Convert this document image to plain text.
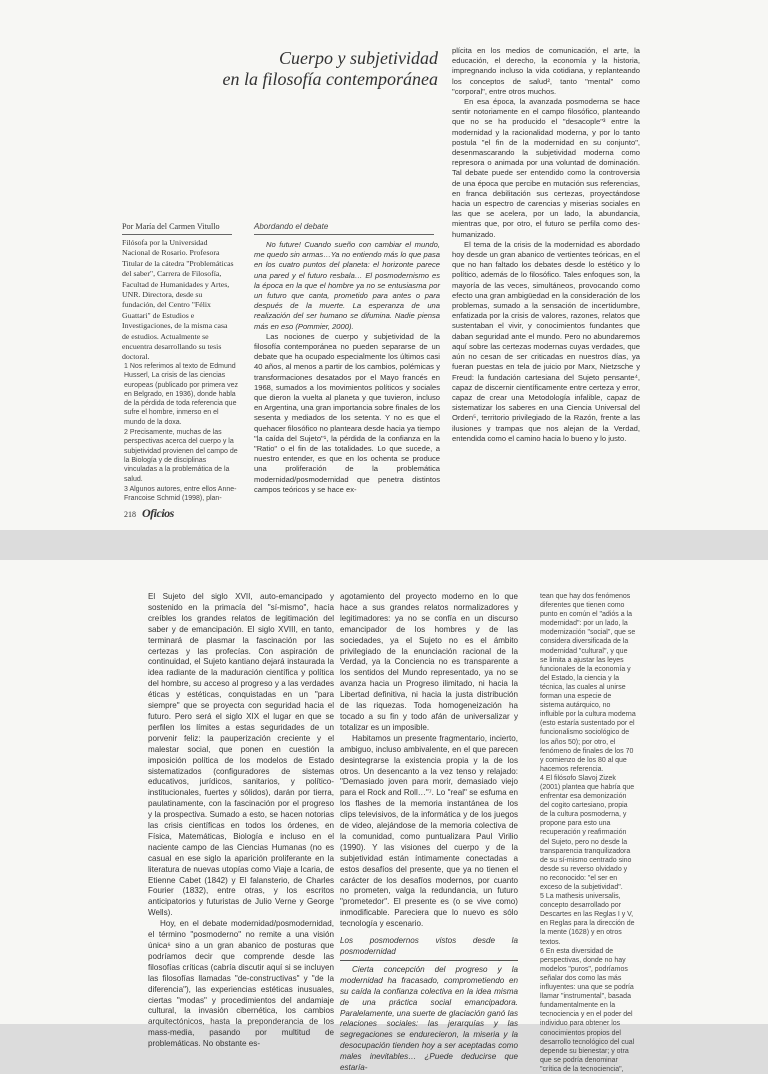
Cuerpo y subjetividad
en la filosofía contemporánea
Por María del Carmen Vitullo

Filósofa por la Universidad Nacional de Rosario. Profesora Titular de la cátedra "Problemáticas del saber", Carrera de Filosofía, Facultad de Humanidades y Artes, UNR. Directora, desde su fundación, del Centro "Félix Guattari" de Estudios e Investigaciones, de la misma casa de estudios. Actualmente se encuentra desarrollando su tesis doctoral.

1 Nos referimos al texto de Edmund Husserl, La crisis de las ciencias europeas (publicado por primera vez en Belgrado, en 1936), donde habla de la pérdida de toda referencia que sufre el hombre, inmerso en el mundo de la doxa.

2 Precisamente, muchas de las perspectivas acerca del cuerpo y la subjetividad provienen del campo de la Biología y de disciplinas vinculadas a la problemática de la salud.

3 Algunos autores, entre ellos Anne-Francoise Schmid (1998), plan-

Abordando el debate

No future! Cuando sueño con cambiar el mundo, me quedo sin armas…Ya no entiendo más lo que pasa en los cuatro puntos del planeta: el horizonte parece una pared y el futuro resbala… El posmodernismo es la época en la que el hombre ya no se entusiasma por un futuro que canta, prometido para antes o para después de la muerte. La esperanza de una realización del ser humano se difumina. Nadie piensa más en eso (Pommier, 2000).

Las nociones de cuerpo y subjetividad de la filosofía contemporánea no pueden separarse de un debate que ha ocupado especialmente los últimos casi 40 años, al menos a partir de los cambios, polémicas y transformaciones desatados por el Mayo francés en 1968, sumados a los movimientos políticos y sociales que dieron la vuelta al planeta y que tuvieron, incluso en Argentina, una gran importancia sobre finales de los sesenta y mediados de los setenta. Y no es que el quehacer filosófico no planteara desde hacia ya tiempo "la caída del Sujeto"¹, la pérdida de la confianza en la "Ratio" o el fin de las totalidades. Lo que sucede, a nuestro entender, es que en los ochenta se produce una proliferación de la problemática modernidad/posmodernidad que penetra distintos campos teóricos y se hace ex-

plícita en los medios de comunicación, el arte, la educación, el derecho, la economía y la historia, impregnando incluso la vida cotidiana, y replanteando los conceptos de salud², tanto "mental" como "corporal", entre otros muchos.

En esa época, la avanzada posmoderna se hace sentir notoriamente en el campo filosófico, planteando que no se ha producido el "desacople"³ entre la modernidad y la racionalidad moderna, y por lo tanto postula "el fin de la modernidad en su conjunto", desenmascarando la subjetividad moderna como represora o animada por una voluntad de dominación. Tal debate puede ser entendido como la controversia de una época que percibe en mutación sus referencias, en franca debilitación sus certezas, proyectándose hacia un espectro de carencias y miserias sociales en las que se acelera, por un lado, la abundancia, mientras que, por otro, el futuro se perfila como des-humanizado.

El tema de la crisis de la modernidad es abordado hoy desde un gran abanico de vertientes teóricas, en el que no han faltado los debates desde lo estético y lo político, además de lo filosófico. Tales enfoques son, la mayoría de las veces, simultáneos, provocando como efecto una gran ambigüedad en la consideración de los problemas, sumado a la sensación de incertidumbre, enfatizada por la crisis de valores, razones, relatos que sustentaban el vivir, y conocimientos fundantes que daban seguridad ante el mundo. Pero no abundaremos aquí sobre las certezas modernas cuyas verdades, que aún no cesan de ser criticadas en nuestros días, ya fueran puestas en tela de juicio por Marx, Nietzsche y Freud: la fundación cartesiana del Sujeto pensante⁴, capaz de discernir científicamente entre certeza y error, capaz de crear una Metodología infalible, capaz de sistematizar los saberes en una Ciencia Universal del Orden⁵, territorio privilegiado de la Razón, frente a las ilusiones y trampas que nos alejan de la Verdad, entendida como el camino hacia lo bueno y lo justo.

218 Oficios

El Sujeto del siglo XVII, auto-emancipado y sostenido en la primacía del "sí-mismo", hacía creíbles los grandes relatos de legitimación del saber y de emancipación. El siglo XVIII, en tanto, terminará de plasmar la fascinación por las certezas y las profecías. Con aspiración de continuidad, el Sujeto kantiano dejará instaurada la idea radiante de la maduración científica y política del hombre, su acceso al progreso y a las verdades éticas y estéticas, conquistadas en un "para siempre" que se proyecta con seguridad hacia el futuro. Pero será el siglo XIX el lugar en que se perfilen los límites a estas seguridades de un porvenir feliz: la pauperización creciente y el malestar social, que ponen en cuestión la imposición política de los modelos de Estado sistematizados (configuradores de sistemas educativos, jurídicos, sanitarios, y político-institucionales, fuertes y sólidos), darán por tierra, paulatinamente, con la fascinación por el progreso y la prospectiva. Sumado a esto, se hacen notorias las crisis científicas en todos los órdenes, en Física, Matemáticas, Biología e incluso en el naciente campo de las Ciencias Humanas (no es casual en ese siglo la aparición proliferante en la literatura de nuevas utopías como Viaje a Icaria, de Etienne Cabet (1842) y El falansterio, de Charles Fourier (1832), entre otras, y los escritos anticipatorios y futuristas de Julio Verne y George Wells).

Hoy, en el debate modernidad/posmodernidad, el término "posmoderno" no remite a una visión única⁶ sino a un gran abanico de posturas que podríamos decir que comprende desde las filosofías críticas (cabría discutir aquí si se incluyen las filosofías llamadas "de-constructivas" y "de la diferencia"), las experiencias estéticas inusuales, ciertas "modas" y procedimientos del andamiaje cultural, la invasión cibernética, los cambios arquitectónicos, hasta la preponderancia de los mass-media, pasando por multitud de problemáticas. No obstante es-

agotamiento del proyecto moderno en lo que hace a sus grandes relatos normalizadores y legitimadores: ya no se confía en un discurso emancipador de los hombres y de las sociedades, ya el Sujeto no es el ámbito privilegiado de la enunciación racional de la Verdad, ya la Conciencia no es transparente a los sentidos del Mundo representado, ya no se avanza hacia un Progreso ilimitado, ni hacia la Libertad definitiva, ni hacia la justa distribución de las riquezas. Toda homogeneización ha tocado a su fin y todo afán de universalizar y totalizar es un imposible.

Habitamos un presente fragmentario, incierto, ambiguo, incluso ambivalente, en el que parecen desintegrarse la existencia propia y la de los otros. Un desencanto a la vez tenso y relajado: "Demasiado joven para morir, demasiado viejo para el Rock and Roll…"⁷. Lo "real" se esfuma en los flashes de la memoria instantánea de los clips televisivos, de la informática y de los juegos de video, alejándose de la memoria colectiva de la comunidad, como puntualizara Paul Virilio (1990). Y las visiones del cuerpo y de la subjetividad están íntimamente conectadas a estos desafíos del presente, que ya no tienen el carácter de los desafíos modernos, por cuanto no prometen, valga la redundancia, un futuro "prometedor". El presente es (o se vive como) inmodificable. Pareciera que lo nuevo es sólo tecnología y escenario.

Los posmodernos vistos desde la posmodernidad

Cierta concepción del progreso y la modernidad ha fracasado, comprometiendo en su caída la confianza colectiva en la idea misma de una práctica social emancipadora. Paralelamente, una suerte de glaciación ganó las relaciones sociales: las jerarquías y las segregaciones se endurecieron, la miseria y la desocupación tienden hoy a ser aceptadas como males inevitables… ¿Puede deducirse que estaría-

tean que hay dos fenómenos diferentes que tienen como punto en común el "adiós a la modernidad": por un lado, la modernización "social", que se considera diversificada de la modernidad "cultural", y que se limita a ajustar las leyes funcionales de la economía y del Estado, la ciencia y la técnica, las cuales al unirse forman una especie de sistema autárquico, no influible por la cultura moderna (esto estaría sustentado por el funcionalismo sociológico de los años 50); por otro, el fenómeno de finales de los 70 y comienzo de los 80 al que hacemos referencia.

4 El filósofo Slavoj Zizek (2001) plantea que habría que enfrentar esa demonización del cogito cartesiano, propia de la cultura posmoderna, y propone para esto una recuperación y reafirmación del Sujeto, pero no desde la transparencia tranquilizadora de su sí-mismo centrado sino desde su reverso olvidado y no reconocido: "el ser en exceso de la subjetividad".

5 La mathesis universalis, concepto desarrollado por Descartes en las Reglas I y V, en Reglas para la dirección de la mente (1628) y en otros textos.

6 En esta diversidad de perspectivas, donde no hay modelos "puros", podríamos señalar dos como las más influyentes: una que se podría llamar "instrumental", basada fundamentalmente en la tecnociencia y en el poder del individuo para obtener los conocimientos propios del desarrollo tecnológico del cual depende su bienestar; y otra que se podría denominar "crítica de la tecnociencia",
